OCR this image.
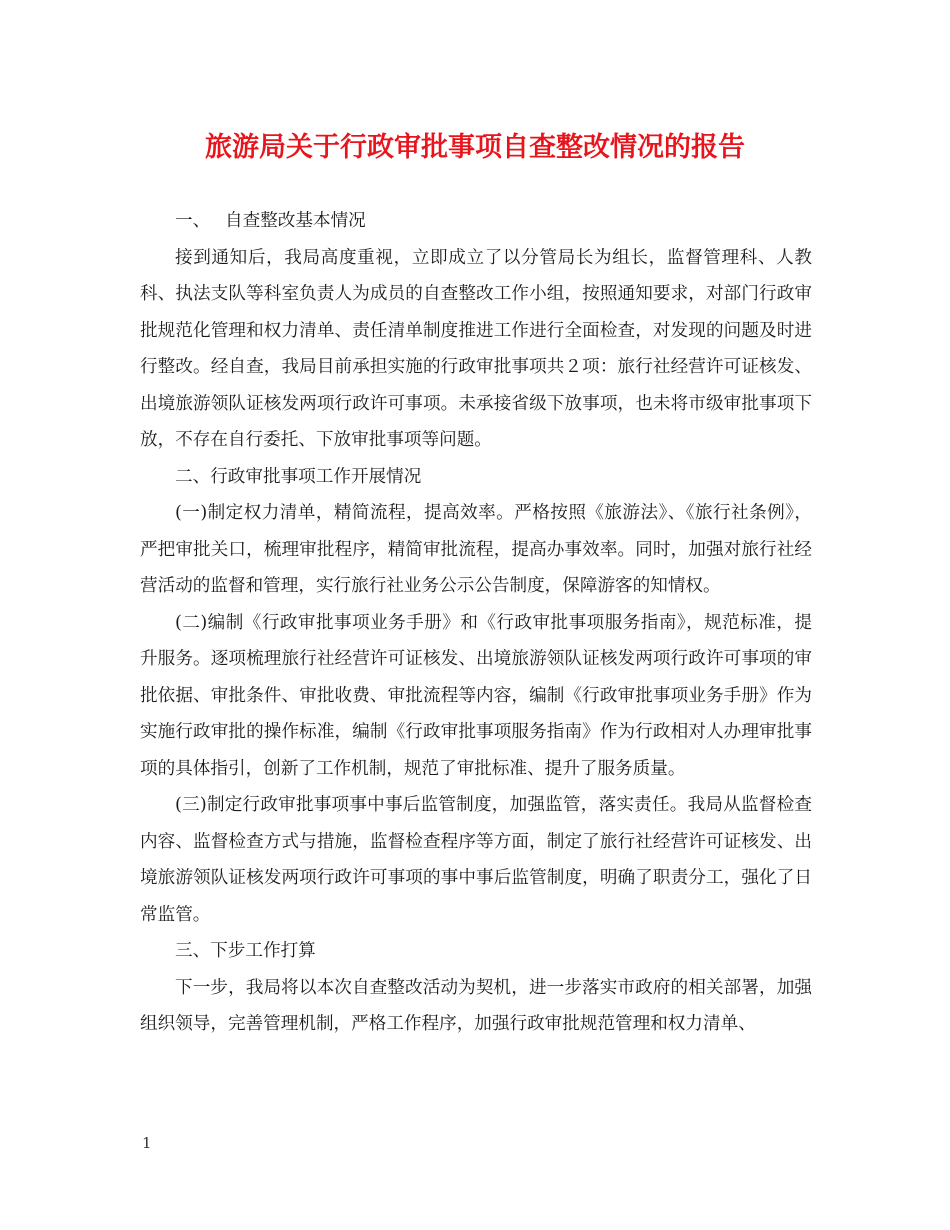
旅游局关于行政审批事项自查整改情况的报告

一、 自查整改基本情况

接到通知后，我局高度重视，立即成立了以分管局长为组长，监督管理科、人教科、执法支队等科室负责人为成员的自查整改工作小组，按照通知要求，对部门行政审批规范化管理和权力清单、责任清单制度推进工作进行全面检查，对发现的问题及时进行整改。经自查，我局目前承担实施的行政审批事项共２项：旅行社经营许可证核发、出境旅游领队证核发两项行政许可事项。未承接省级下放事项，也未将市级审批事项下放，不存在自行委托、下放审批事项等问题。

二、行政审批事项工作开展情况

(一)制定权力清单，精简流程，提高效率。严格按照《旅游法》、《旅行社条例》，严把审批关口，梳理审批程序，精简审批流程，提高办事效率。同时，加强对旅行社经营活动的监督和管理，实行旅行社业务公示公告制度，保障游客的知情权。

(二)编制《行政审批事项业务手册》和《行政审批事项服务指南》，规范标准，提升服务。逐项梳理旅行社经营许可证核发、出境旅游领队证核发两项行政许可事项的审批依据、审批条件、审批收费、审批流程等内容，编制《行政审批事项业务手册》作为实施行政审批的操作标准，编制《行政审批事项服务指南》作为行政相对人办理审批事项的具体指引，创新了工作机制，规范了审批标准、提升了服务质量。

(三)制定行政审批事项事中事后监管制度，加强监管，落实责任。我局从监督检查内容、监督检查方式与措施，监督检查程序等方面，制定了旅行社经营许可证核发、出境旅游领队证核发两项行政许可事项的事中事后监管制度，明确了职责分工，强化了日常监管。

三、下步工作打算

下一步，我局将以本次自查整改活动为契机，进一步落实市政府的相关部署，加强组织领导，完善管理机制，严格工作程序，加强行政审批规范管理和权力清单、

1
